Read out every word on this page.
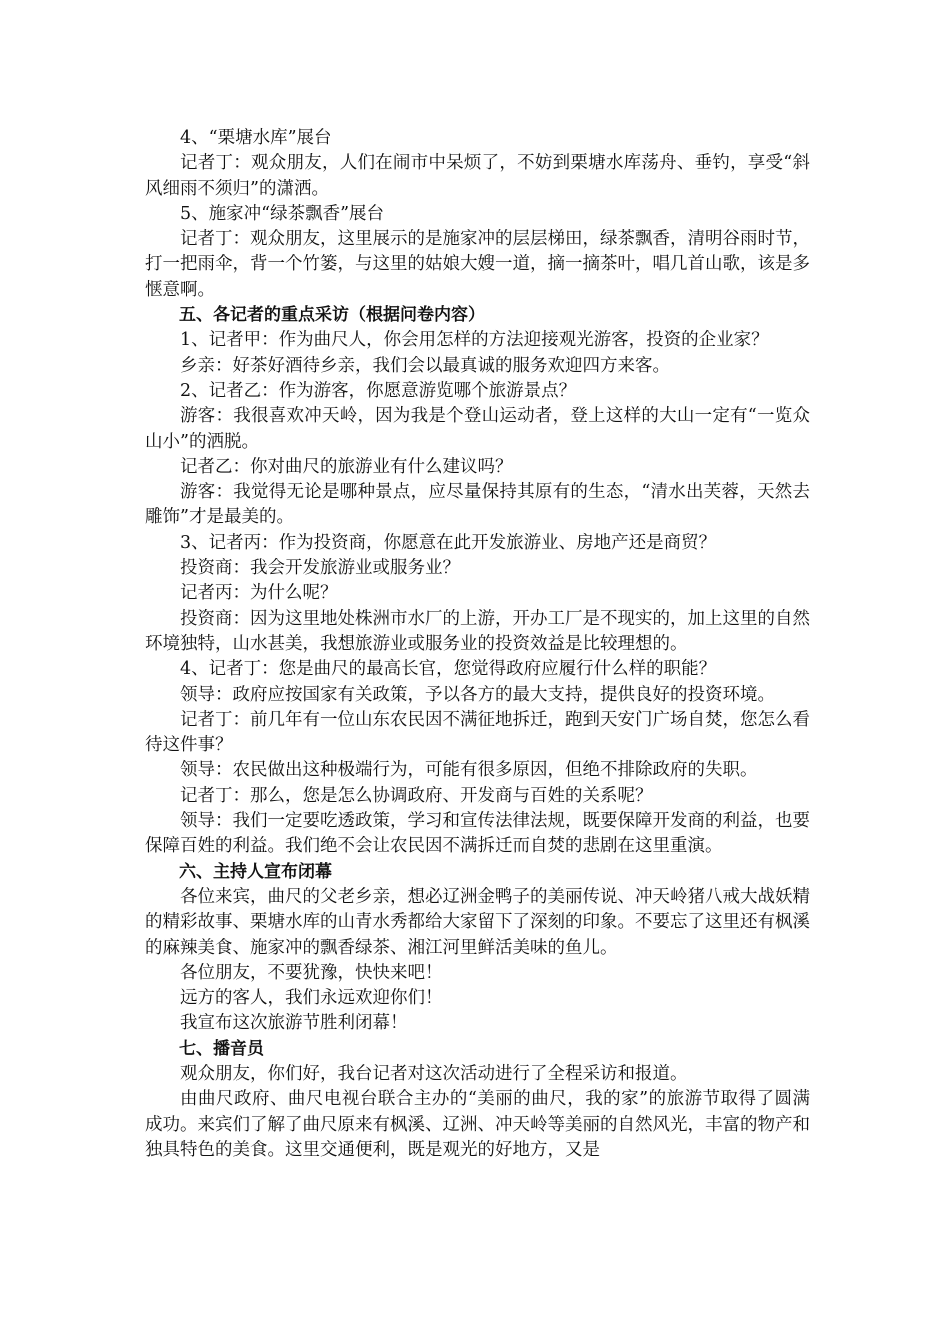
4、“栗塘水库”展台

记者丁：观众朋友，人们在闹市中呆烦了，不妨到栗塘水库荡舟、垂钓，享受“斜风细雨不须归”的潇洒。

5、施家冲“绿茶飘香”展台

记者丁：观众朋友，这里展示的是施家冲的层层梯田，绿茶飘香，清明谷雨时节，打一把雨伞，背一个竹篓，与这里的姑娘大嫂一道，摘一摘茶叶，唱几首山歌，该是多惬意啊。

五、各记者的重点采访（根据问卷内容）

1、记者甲：作为曲尺人，你会用怎样的方法迎接观光游客，投资的企业家？

乡亲：好茶好酒待乡亲，我们会以最真诚的服务欢迎四方来客。

2、记者乙：作为游客，你愿意游览哪个旅游景点？

游客：我很喜欢冲天岭，因为我是个登山运动者，登上这样的大山一定有“一览众山小”的洒脱。

记者乙：你对曲尺的旅游业有什么建议吗？

游客：我觉得无论是哪种景点，应尽量保持其原有的生态，“清水出芙蓉，天然去雕饰”才是最美的。

3、记者丙：作为投资商，你愿意在此开发旅游业、房地产还是商贸？

投资商：我会开发旅游业或服务业？

记者丙：为什么呢？

投资商：因为这里地处株洲市水厂的上游，开办工厂是不现实的，加上这里的自然环境独特，山水甚美，我想旅游业或服务业的投资效益是比较理想的。

4、记者丁：您是曲尺的最高长官，您觉得政府应履行什么样的职能？

领导：政府应按国家有关政策，予以各方的最大支持，提供良好的投资环境。

记者丁：前几年有一位山东农民因不满征地拆迁，跑到天安门广场自焚，您怎么看待这件事？

领导：农民做出这种极端行为，可能有很多原因，但绝不排除政府的失职。

记者丁：那么，您是怎么协调政府、开发商与百姓的关系呢？

领导：我们一定要吃透政策，学习和宣传法律法规，既要保障开发商的利益，也要保障百姓的利益。我们绝不会让农民因不满拆迁而自焚的悲剧在这里重演。

六、主持人宣布闭幕

各位来宾，曲尺的父老乡亲，想必辽洲金鸭子的美丽传说、冲天岭猪八戒大战妖精的精彩故事、栗塘水库的山青水秀都给大家留下了深刻的印象。不要忘了这里还有枫溪的麻辣美食、施家冲的飘香绿茶、湘江河里鲜活美味的鱼儿。

各位朋友，不要犹豫，快快来吧！

远方的客人，我们永远欢迎你们！

我宣布这次旅游节胜利闭幕！

七、播音员

观众朋友，你们好，我台记者对这次活动进行了全程采访和报道。

由曲尺政府、曲尺电视台联合主办的“美丽的曲尺，我的家”的旅游节取得了圆满成功。来宾们了解了曲尺原来有枫溪、辽洲、冲天岭等美丽的自然风光，丰富的物产和独具特色的美食。这里交通便利，既是观光的好地方，又是
